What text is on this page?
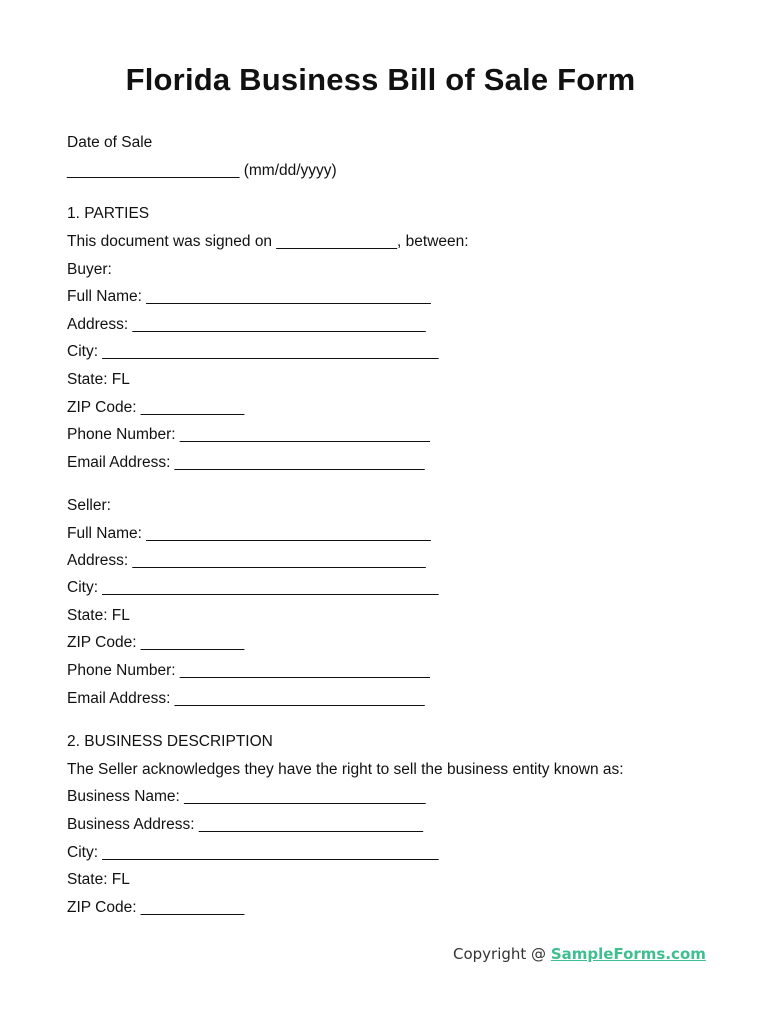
Florida Business Bill of Sale Form

Date of Sale

____________________ (mm/dd/yyyy)

1. PARTIES

This document was signed on ______________, between:

Buyer:

Full Name: _________________________________

Address: __________________________________

City: _______________________________________

State: FL

ZIP Code: ____________

Phone Number: _____________________________

Email Address: _____________________________

Seller:

Full Name: _________________________________

Address: __________________________________

City: _______________________________________

State: FL

ZIP Code: ____________

Phone Number: _____________________________

Email Address: _____________________________

2. BUSINESS DESCRIPTION

The Seller acknowledges they have the right to sell the business entity known as:

Business Name: ____________________________

Business Address: __________________________

City: _______________________________________

State: FL

ZIP Code: ____________

Copyright @ SampleForms.com
